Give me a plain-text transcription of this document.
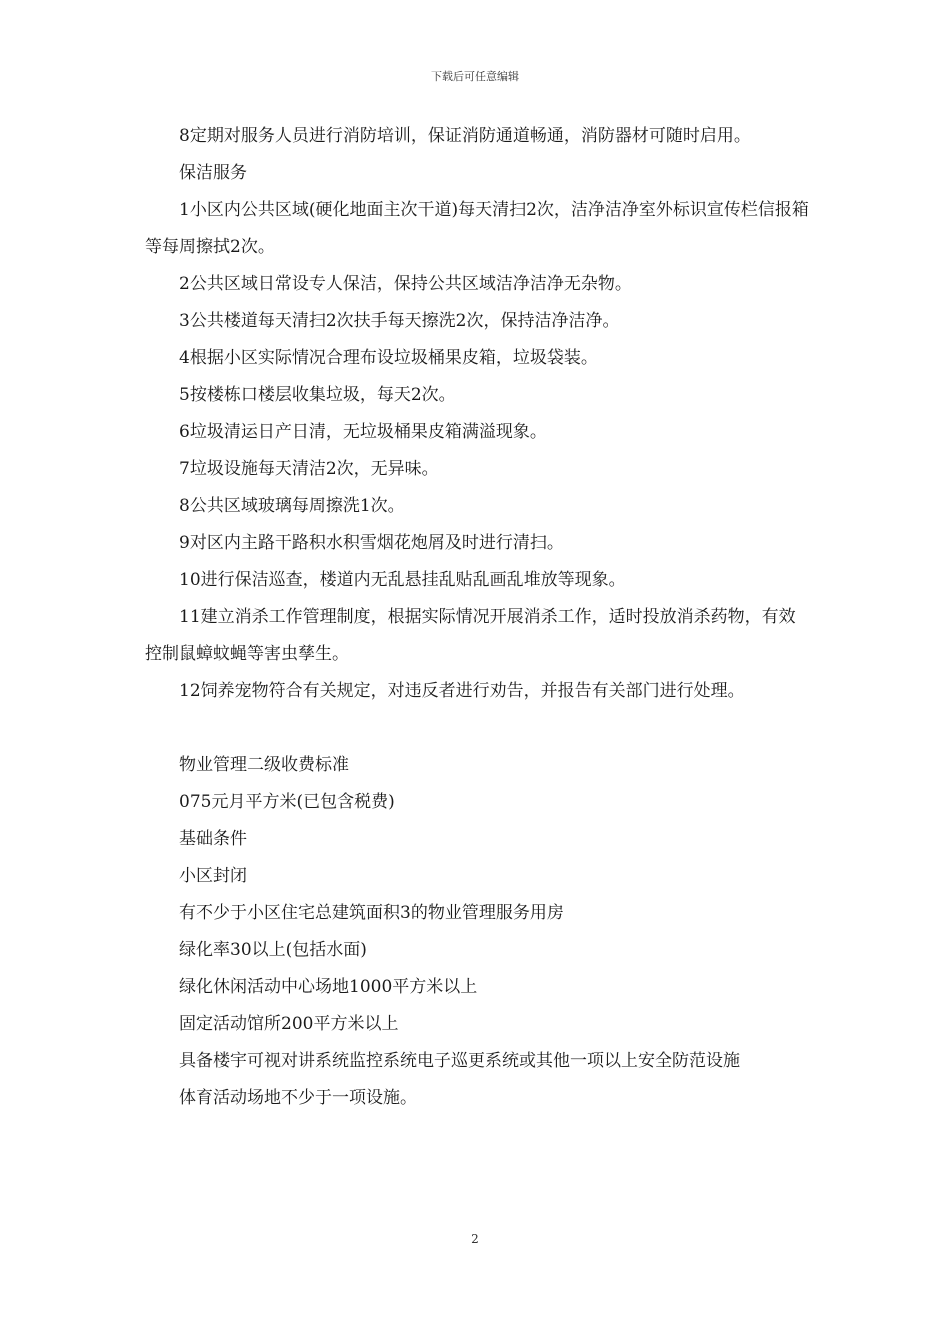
下载后可任意编辑

8定期对服务人员进行消防培训，保证消防通道畅通，消防器材可随时启用。

保洁服务

1小区内公共区域(硬化地面主次干道)每天清扫2次，洁净洁净室外标识宣传栏信报箱等每周擦拭2次。

2公共区域日常设专人保洁，保持公共区域洁净洁净无杂物。

3公共楼道每天清扫2次扶手每天擦洗2次，保持洁净洁净。

4根据小区实际情况合理布设垃圾桶果皮箱，垃圾袋装。

5按楼栋口楼层收集垃圾，每天2次。

6垃圾清运日产日清，无垃圾桶果皮箱满溢现象。

7垃圾设施每天清洁2次，无异味。

8公共区域玻璃每周擦洗1次。

9对区内主路干路积水积雪烟花炮屑及时进行清扫。

10进行保洁巡查，楼道内无乱悬挂乱贴乱画乱堆放等现象。

11建立消杀工作管理制度，根据实际情况开展消杀工作，适时投放消杀药物，有效控制鼠蟑蚊蝇等害虫孳生。

12饲养宠物符合有关规定，对违反者进行劝告，并报告有关部门进行处理。

物业管理二级收费标准

075元月平方米(已包含税费)

基础条件

小区封闭

有不少于小区住宅总建筑面积3的物业管理服务用房

绿化率30以上(包括水面)

绿化休闲活动中心场地1000平方米以上

固定活动馆所200平方米以上

具备楼宇可视对讲系统监控系统电子巡更系统或其他一项以上安全防范设施

体育活动场地不少于一项设施。

2
